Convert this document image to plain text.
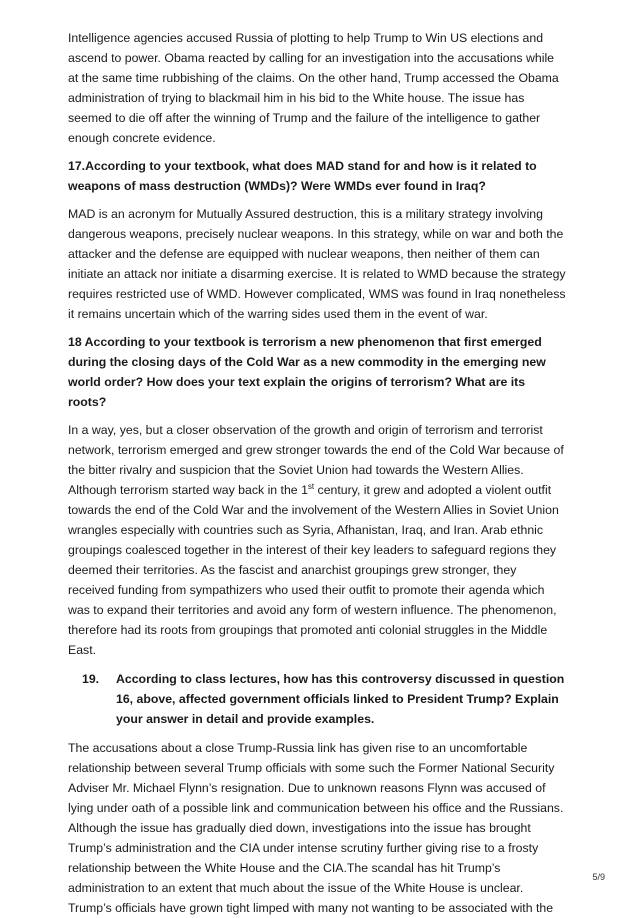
Intelligence agencies accused Russia of plotting to help Trump to Win US elections and ascend to power. Obama reacted by calling for an investigation into the accusations while at the same time rubbishing of the claims. On the other hand, Trump accessed the Obama administration of trying to blackmail him in his bid to the White house. The issue has seemed to die off after the winning of Trump and the failure of the intelligence to gather enough concrete evidence.

17.According to your textbook, what does MAD stand for and how is it related to weapons of mass destruction (WMDs)? Were WMDs ever found in Iraq?

MAD is an acronym for Mutually Assured destruction, this is a military strategy involving dangerous weapons, precisely nuclear weapons. In this strategy, while on war and both the attacker and the defense are equipped with nuclear weapons, then neither of them can initiate an attack nor initiate a disarming exercise. It is related to WMD because the strategy requires restricted use of WMD. However complicated, WMS was found in Iraq nonetheless it remains uncertain which of the warring sides used them in the event of war.

18 According to your textbook is terrorism a new phenomenon that first emerged during the closing days of the Cold War as a new commodity in the emerging new world order? How does your text explain the origins of terrorism? What are its roots?

In a way, yes, but a closer observation of the growth and origin of terrorism and terrorist network, terrorism emerged and grew stronger towards the end of the Cold War because of the bitter rivalry and suspicion that the Soviet Union had towards the Western Allies. Although terrorism started way back in the 1st century, it grew and adopted a violent outfit towards the end of the Cold War and the involvement of the Western Allies in Soviet Union wrangles especially with countries such as Syria, Afhanistan, Iraq, and Iran. Arab ethnic groupings coalesced together in the interest of their key leaders to safeguard regions they deemed their territories. As the fascist and anarchist groupings grew stronger, they received funding from sympathizers who used their outfit to promote their agenda which was to expand their territories and avoid any form of western influence. The phenomenon, therefore had its roots from groupings that promoted anti colonial struggles in the Middle East.

19.	According to class lectures, how has this controversy discussed in question 16, above, affected government officials linked to President Trump? Explain your answer in detail and provide examples.

The accusations about a close Trump-Russia link has given rise to an uncomfortable relationship between several Trump officials with some such the Former National Security Adviser Mr. Michael Flynn’s resignation. Due to unknown reasons Flynn was accused of lying under oath of a possible link and communication between his office and the Russians. Although the issue has gradually died down, investigations into the issue has brought Trump’s administration and the CIA under intense scrutiny further giving rise to a frosty relationship between the White House and the CIA.The scandal has hit Trump’s administration to an extent that much about the issue of the White House is unclear. Trump’s officials have grown tight limped with many not wanting to be associated with the

5/9
